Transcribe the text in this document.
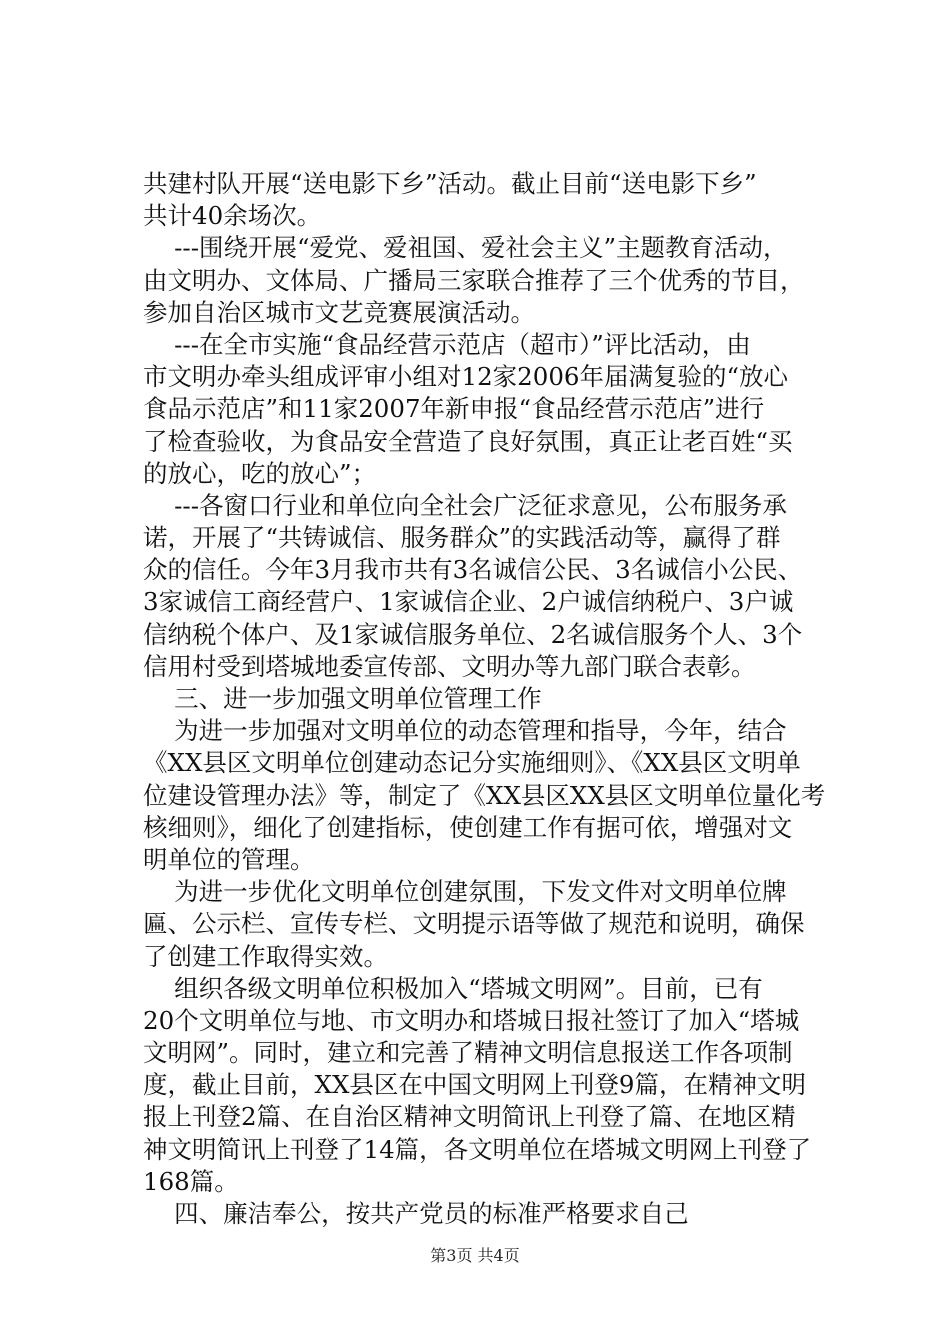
共建村队开展“送电影下乡”活动。截止目前“送电影下乡”
共计40余场次。
---围绕开展“爱党、爱祖国、爱社会主义”主题教育活动，
由文明办、文体局、广播局三家联合推荐了三个优秀的节目，
参加自治区城市文艺竞赛展演活动。
---在全市实施“食品经营示范店（超市）”评比活动，由
市文明办牵头组成评审小组对12家2006年届满复验的“放心
食品示范店”和11家2007年新申报“食品经营示范店”进行
了检查验收，为食品安全营造了良好氛围，真正让老百姓“买
的放心，吃的放心”；
---各窗口行业和单位向全社会广泛征求意见，公布服务承
诺，开展了“共铸诚信、服务群众”的实践活动等，赢得了群
众的信任。今年3月我市共有3名诚信公民、3名诚信小公民、
3家诚信工商经营户、1家诚信企业、2户诚信纳税户、3户诚
信纳税个体户、及1家诚信服务单位、2名诚信服务个人、3个
信用村受到塔城地委宣传部、文明办等九部门联合表彰。
三、进一步加强文明单位管理工作
为进一步加强对文明单位的动态管理和指导，今年，结合
《XX县区文明单位创建动态记分实施细则》、《XX县区文明单
位建设管理办法》等，制定了《XX县区XX县区文明单位量化考
核细则》，细化了创建指标，使创建工作有据可依，增强对文
明单位的管理。
为进一步优化文明单位创建氛围，下发文件对文明单位牌
匾、公示栏、宣传专栏、文明提示语等做了规范和说明，确保
了创建工作取得实效。
组织各级文明单位积极加入“塔城文明网”。目前，已有
20个文明单位与地、市文明办和塔城日报社签订了加入“塔城
文明网”。同时，建立和完善了精神文明信息报送工作各项制
度，截止目前，XX县区在中国文明网上刊登9篇，在精神文明
报上刊登2篇、在自治区精神文明简讯上刊登了篇、在地区精
神文明简讯上刊登了14篇，各文明单位在塔城文明网上刊登了
168篇。
四、廉洁奉公，按共产党员的标准严格要求自己
第3页 共4页
